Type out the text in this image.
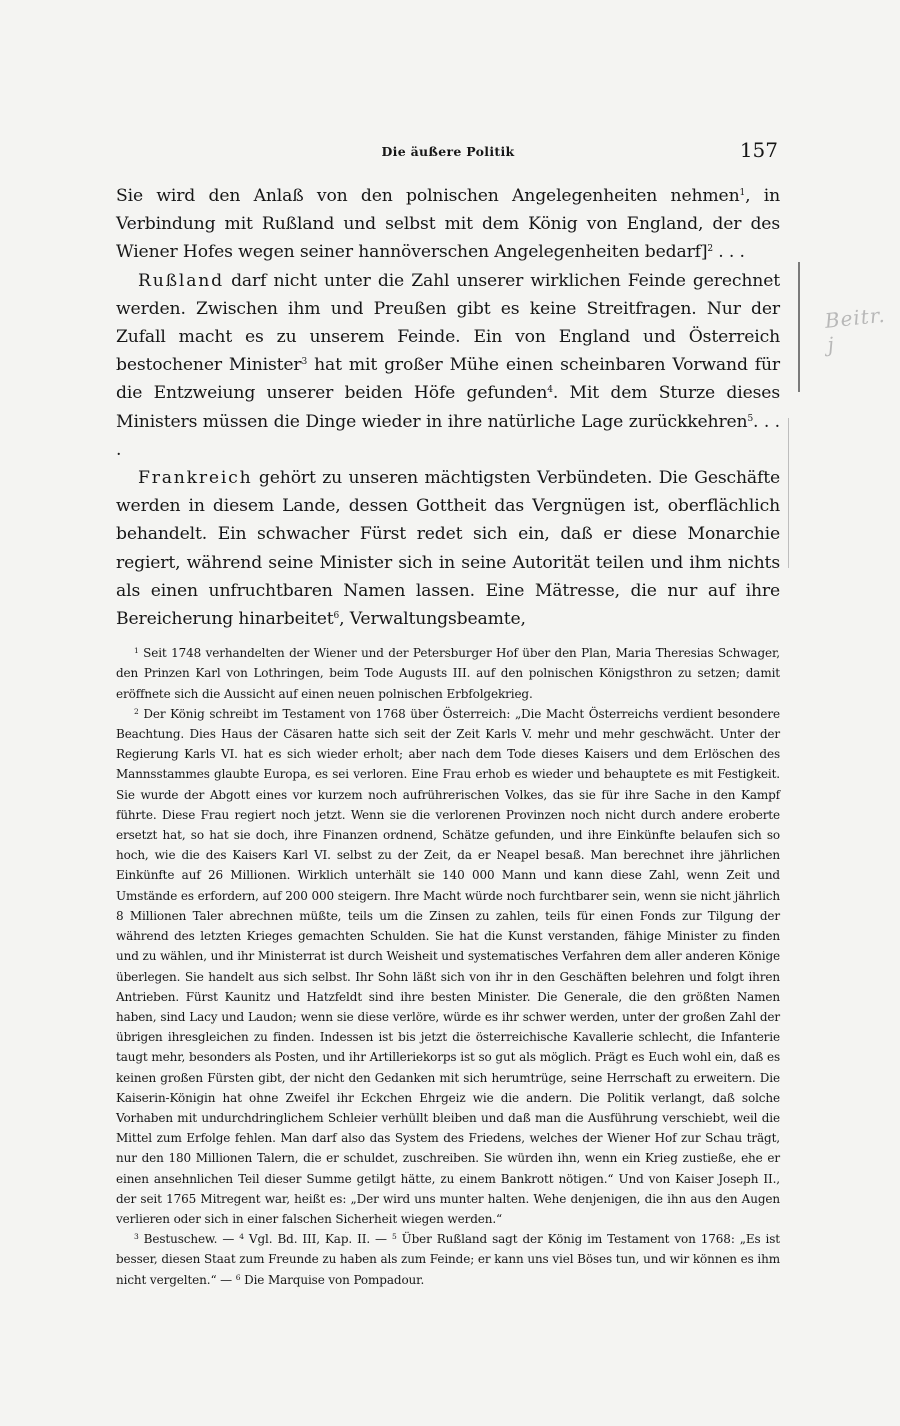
Die äußere Politik	157

Sie wird den Anlaß von den polnischen Angelegenheiten nehmen$^1$, in Verbindung mit Rußland und selbst mit dem König von England, der des Wiener Hofes wegen seiner hannöverschen Angelegenheiten bedarf]$^2$ . . .

Rußland darf nicht unter die Zahl unserer wirklichen Feinde gerechnet werden. Zwischen ihm und Preußen gibt es keine Streitfragen. Nur der Zufall macht es zu unserem Feinde. Ein von England und Österreich bestochener Minister$^3$ hat mit großer Mühe einen scheinbaren Vorwand für die Entzweiung unserer beiden Höfe gefunden$^4$. Mit dem Sturze dieses Ministers müssen die Dinge wieder in ihre natürliche Lage zurückkehren$^5$. . . .

Frankreich gehört zu unseren mächtigsten Verbündeten. Die Geschäfte werden in diesem Lande, dessen Gottheit das Vergnügen ist, oberflächlich behandelt. Ein schwacher Fürst redet sich ein, daß er diese Monarchie regiert, während seine Minister sich in seine Autorität teilen und ihm nichts als einen unfruchtbaren Namen lassen. Eine Mätresse, die nur auf ihre Bereicherung hinarbeitet$^6$, Verwaltungsbeamte,

$^1$ Seit 1748 verhandelten der Wiener und der Petersburger Hof über den Plan, Maria Theresias Schwager, den Prinzen Karl von Lothringen, beim Tode Augusts III. auf den polnischen Königsthron zu setzen; damit eröffnete sich die Aussicht auf einen neuen polnischen Erbfolgekrieg.

$^2$ Der König schreibt im Testament von 1768 über Österreich: „Die Macht Österreichs verdient besondere Beachtung. Dies Haus der Cäsaren hatte sich seit der Zeit Karls V. mehr und mehr geschwächt. Unter der Regierung Karls VI. hat es sich wieder erholt; aber nach dem Tode dieses Kaisers und dem Erlöschen des Mannsstammes glaubte Europa, es sei verloren. Eine Frau erhob es wieder und behauptete es mit Festigkeit. Sie wurde der Abgott eines vor kurzem noch aufrührerischen Volkes, das sie für ihre Sache in den Kampf führte. Diese Frau regiert noch jetzt. Wenn sie die verlorenen Provinzen noch nicht durch andere eroberte ersetzt hat, so hat sie doch, ihre Finanzen ordnend, Schätze gefunden, und ihre Einkünfte belaufen sich so hoch, wie die des Kaisers Karl VI. selbst zu der Zeit, da er Neapel besaß. Man berechnet ihre jährlichen Einkünfte auf 26 Millionen. Wirklich unterhält sie 140 000 Mann und kann diese Zahl, wenn Zeit und Umstände es erfordern, auf 200 000 steigern. Ihre Macht würde noch furchtbarer sein, wenn sie nicht jährlich 8 Millionen Taler abrechnen müßte, teils um die Zinsen zu zahlen, teils für einen Fonds zur Tilgung der während des letzten Krieges gemachten Schulden. Sie hat die Kunst verstanden, fähige Minister zu finden und zu wählen, und ihr Ministerrat ist durch Weisheit und systematisches Verfahren dem aller anderen Könige überlegen. Sie handelt aus sich selbst. Ihr Sohn läßt sich von ihr in den Geschäften belehren und folgt ihren Antrieben. Fürst Kaunitz und Hatzfeldt sind ihre besten Minister. Die Generale, die den größten Namen haben, sind Lacy und Laudon; wenn sie diese verlöre, würde es ihr schwer werden, unter der großen Zahl der übrigen ihresgleichen zu finden. Indessen ist bis jetzt die österreichische Kavallerie schlecht, die Infanterie taugt mehr, besonders als Posten, und ihr Artilleriekorps ist so gut als möglich. Prägt es Euch wohl ein, daß es keinen großen Fürsten gibt, der nicht den Gedanken mit sich herumtrüge, seine Herrschaft zu erweitern. Die Kaiserin-Königin hat ohne Zweifel ihr Eckchen Ehrgeiz wie die andern. Die Politik verlangt, daß solche Vorhaben mit undurchdringlichem Schleier verhüllt bleiben und daß man die Ausführung verschiebt, weil die Mittel zum Erfolge fehlen. Man darf also das System des Friedens, welches der Wiener Hof zur Schau trägt, nur den 180 Millionen Talern, die er schuldet, zuschreiben. Sie würden ihn, wenn ein Krieg zustieße, ehe er einen ansehnlichen Teil dieser Summe getilgt hätte, zu einem Bankrott nötigen.“ Und von Kaiser Joseph II., der seit 1765 Mitregent war, heißt es: „Der wird uns munter halten. Wehe denjenigen, die ihn aus den Augen verlieren oder sich in einer falschen Sicherheit wiegen werden.“

$^3$ Bestuschew. — $^4$ Vgl. Bd. III, Kap. II. — $^5$ Über Rußland sagt der König im Testament von 1768: „Es ist besser, diesen Staat zum Freunde zu haben als zum Feinde; er kann uns viel Böses tun, und wir können es ihm nicht vergelten.“ — $^6$ Die Marquise von Pompadour.

Beitr. j
